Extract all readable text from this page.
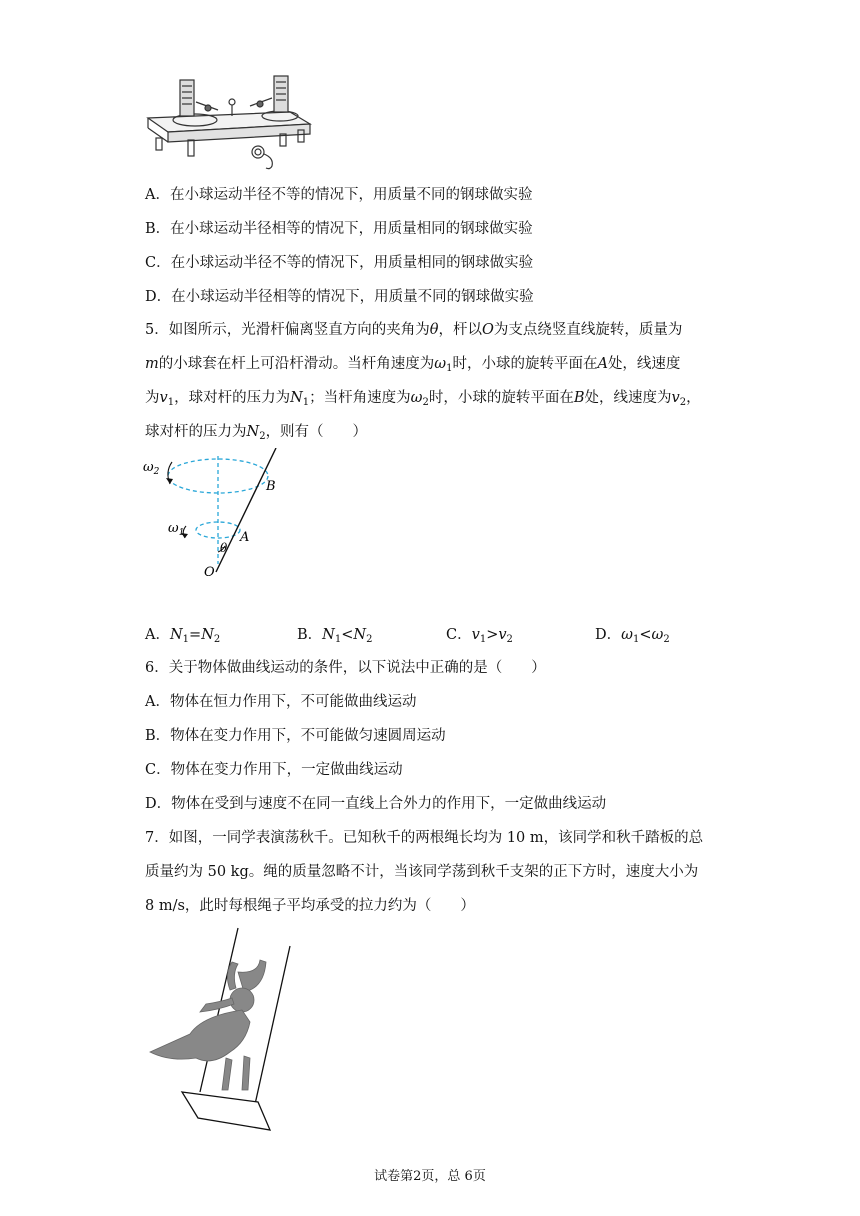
A．在小球运动半径不等的情况下，用质量不同的钢球做实验
B．在小球运动半径相等的情况下，用质量相同的钢球做实验
C．在小球运动半径不等的情况下，用质量相同的钢球做实验
D．在小球运动半径相等的情况下，用质量不同的钢球做实验
5．如图所示，光滑杆偏离竖直方向的夹角为θ，杆以O为支点绕竖直线旋转，质量为
m的小球套在杆上可沿杆滑动。当杆角速度为$\omega_1$时，小球的旋转平面在A处，线速度
为$v_1$，球对杆的压力为$N_1$；当杆角速度为$\omega_2$时，小球的旋转平面在B处，线速度为$v_2$，
球对杆的压力为$N_2$，则有（　　）
$\omega_2$
$\omega_1$
B
A
θ
O
A．$N_1=N_2$	B．$N_1<N_2$	C．$v_1>v_2$	D．$\omega_1<\omega_2$
6．关于物体做曲线运动的条件，以下说法中正确的是（　　）
A．物体在恒力作用下，不可能做曲线运动
B．物体在变力作用下，不可能做匀速圆周运动
C．物体在变力作用下，一定做曲线运动
D．物体在受到与速度不在同一直线上合外力的作用下，一定做曲线运动
7．如图，一同学表演荡秋千。已知秋千的两根绳长均为 10 m，该同学和秋千踏板的总
质量约为 50 kg。绳的质量忽略不计，当该同学荡到秋千支架的正下方时，速度大小为
8 m/s，此时每根绳子平均承受的拉力约为（　　）
试卷第2页，总 6页
